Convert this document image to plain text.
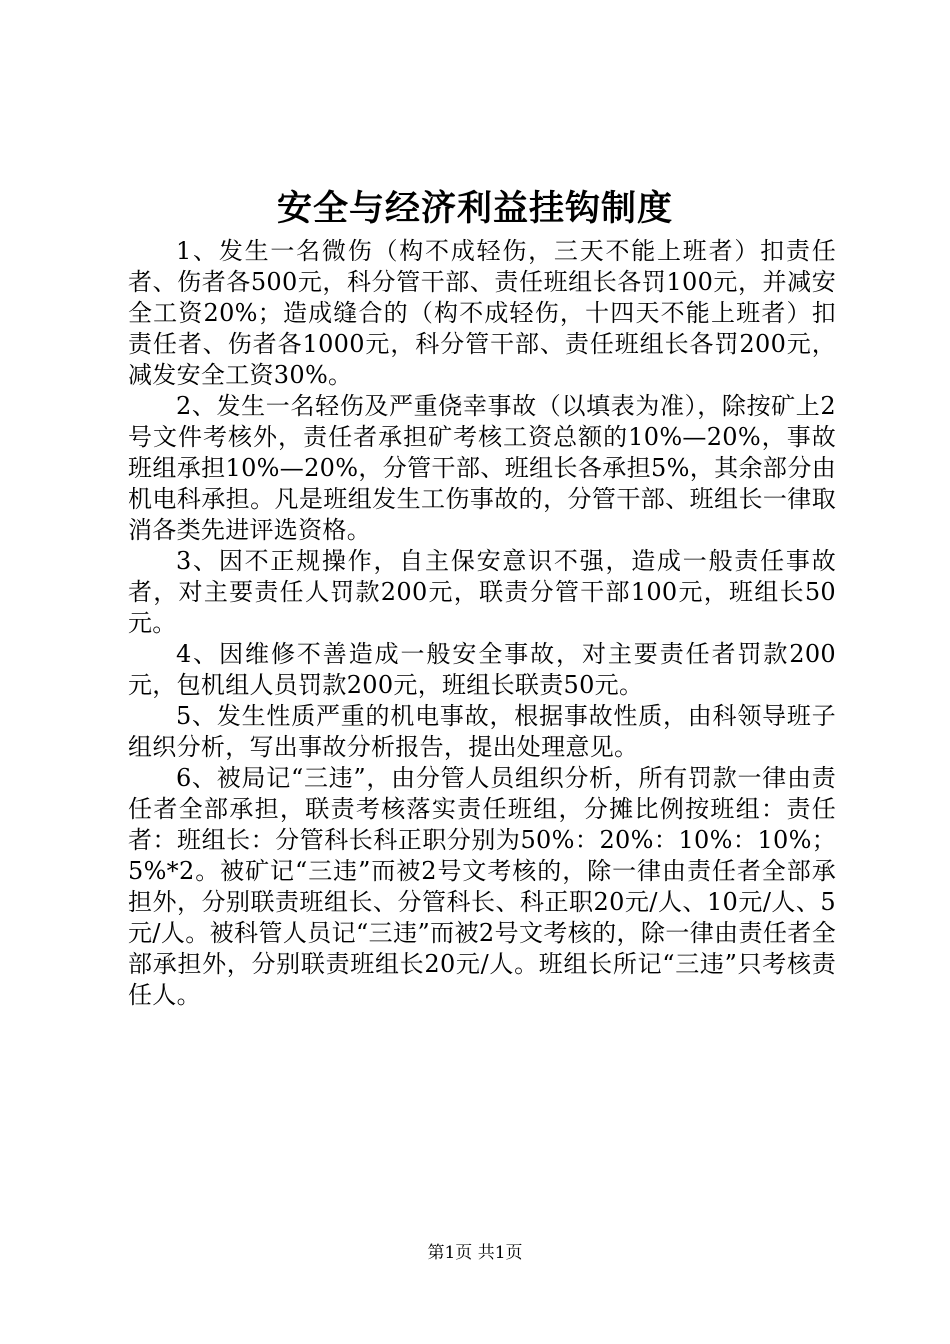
安全与经济利益挂钩制度

1、发生一名微伤（构不成轻伤，三天不能上班者）扣责任者、伤者各500元，科分管干部、责任班组长各罚100元，并减安全工资20%；造成缝合的（构不成轻伤，十四天不能上班者）扣责任者、伤者各1000元，科分管干部、责任班组长各罚200元，减发安全工资30%。

2、发生一名轻伤及严重侥幸事故（以填表为准），除按矿上2号文件考核外，责任者承担矿考核工资总额的10%—20%，事故班组承担10%—20%，分管干部、班组长各承担5%，其余部分由机电科承担。凡是班组发生工伤事故的，分管干部、班组长一律取消各类先进评选资格。

3、因不正规操作，自主保安意识不强，造成一般责任事故者，对主要责任人罚款200元，联责分管干部100元，班组长50元。

4、因维修不善造成一般安全事故，对主要责任者罚款200元，包机组人员罚款200元，班组长联责50元。

5、发生性质严重的机电事故，根据事故性质，由科领导班子组织分析，写出事故分析报告，提出处理意见。

6、被局记“三违”，由分管人员组织分析，所有罚款一律由责任者全部承担，联责考核落实责任班组，分摊比例按班组：责任者：班组长：分管科长科正职分别为50%：20%：10%：10%；5%*2。被矿记“三违”而被2号文考核的，除一律由责任者全部承担外，分别联责班组长、分管科长、科正职20元/人、10元/人、5元/人。被科管人员记“三违”而被2号文考核的，除一律由责任者全部承担外，分别联责班组长20元/人。班组长所记“三违”只考核责任人。

第1页 共1页
